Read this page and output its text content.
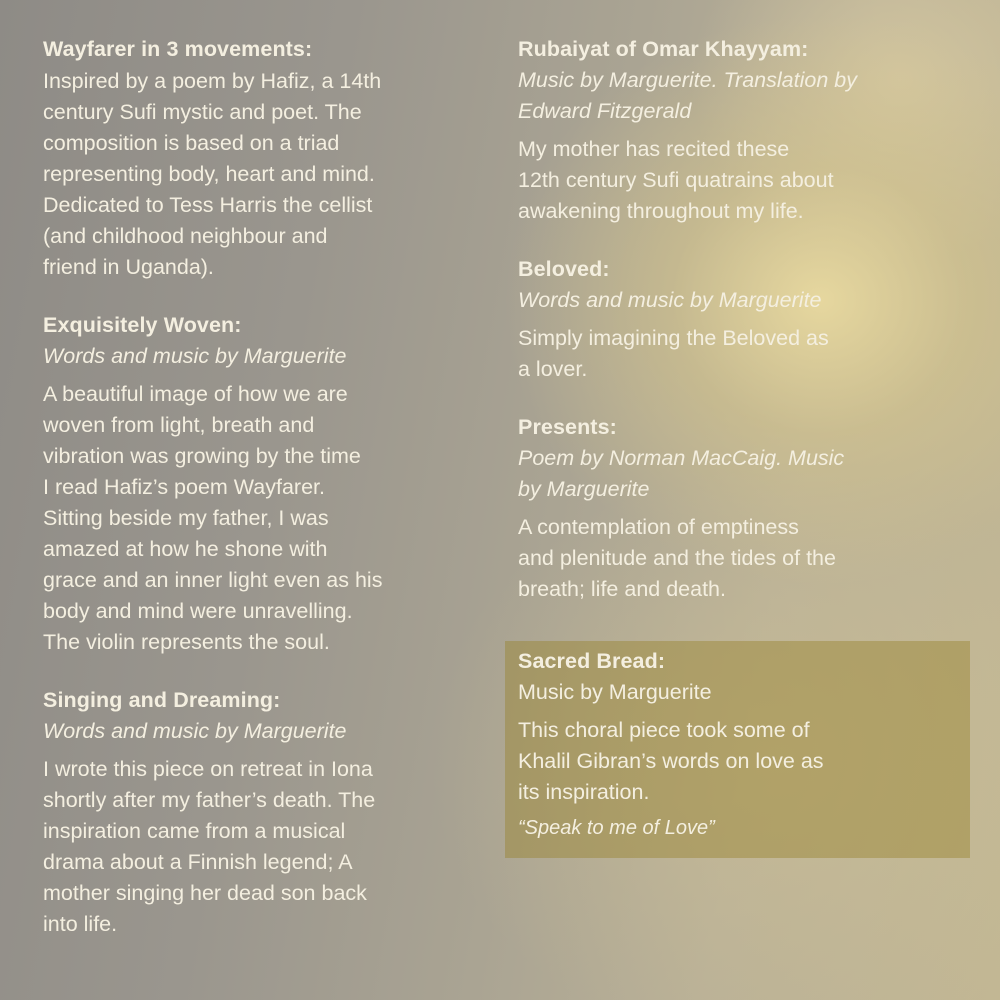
Wayfarer in 3 movements:
Inspired by a poem by Hafiz, a 14th
century Sufi mystic and poet. The
composition is based on a triad
representing body, heart and mind.
Dedicated to Tess Harris the cellist
(and childhood neighbour and
friend in Uganda).
Exquisitely Woven:
Words and music by Marguerite
A beautiful image of how we are
woven from light, breath and
vibration was growing by the time
I read Hafiz’s poem Wayfarer.
Sitting beside my father, I was
amazed at how he shone with
grace and an inner light even as his
body and mind were unravelling.
The violin represents the soul.
Singing and Dreaming:
Words and music by Marguerite
I wrote this piece on retreat in Iona
shortly after my father’s death. The
inspiration came from a musical
drama about a Finnish legend; A
mother singing her dead son back
into life.
Rubaiyat of Omar Khayyam:
Music by Marguerite. Translation by
Edward Fitzgerald
My mother has recited these
12th century Sufi quatrains about
awakening throughout my life.
Beloved:
Words and music by Marguerite
Simply imagining the Beloved as
a lover.
Presents:
Poem by Norman MacCaig. Music
by Marguerite
A contemplation of emptiness
and plenitude and the tides of the
breath; life and death.
Sacred Bread:
Music by Marguerite
This choral piece took some of
Khalil Gibran’s words on love as
its inspiration.
“Speak to me of Love”
